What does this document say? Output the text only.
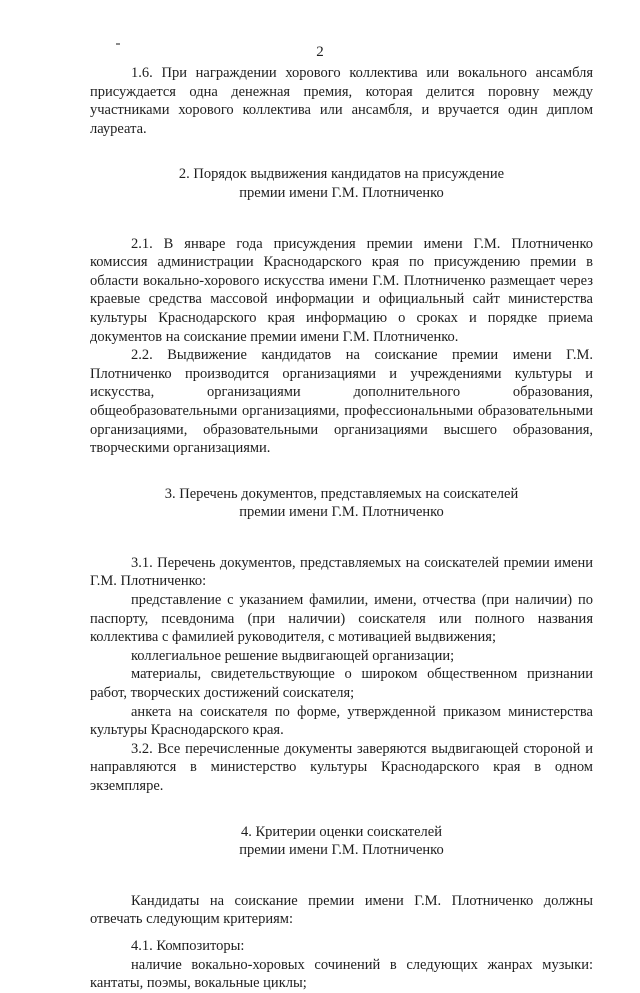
2

1.6. При награждении хорового коллектива или вокального ансамбля присуждается одна денежная премия, которая делится поровну между участниками хорового коллектива или ансамбля, и вручается один диплом лауреата.

2. Порядок выдвижения кандидатов на присуждение
премии имени Г.М. Плотниченко

2.1. В январе года присуждения премии имени Г.М. Плотниченко комиссия администрации Краснодарского края по присуждению премии в области вокально-хорового искусства имени Г.М. Плотниченко размещает через краевые средства массовой информации и официальный сайт министерства культуры Краснодарского края информацию о сроках и порядке приема документов на соискание премии имени Г.М. Плотниченко.

2.2. Выдвижение кандидатов на соискание премии имени Г.М. Плотниченко производится организациями и учреждениями культуры и искусства, организациями дополнительного образования, общеобразовательными организациями, профессиональными образовательными организациями, образовательными организациями высшего образования, творческими организациями.

3. Перечень документов, представляемых на соискателей
премии имени Г.М. Плотниченко

3.1. Перечень документов, представляемых на соискателей премии имени Г.М. Плотниченко:

представление с указанием фамилии, имени, отчества (при наличии) по паспорту, псевдонима (при наличии) соискателя или полного названия коллектива с фамилией руководителя, с мотивацией выдвижения;

коллегиальное решение выдвигающей организации;

материалы, свидетельствующие о широком общественном признании работ, творческих достижений соискателя;

анкета на соискателя по форме, утвержденной приказом министерства культуры Краснодарского края.

3.2. Все перечисленные документы заверяются выдвигающей стороной и направляются в министерство культуры Краснодарского края в одном экземпляре.

4. Критерии оценки соискателей
премии имени Г.М. Плотниченко

Кандидаты на соискание премии имени Г.М. Плотниченко должны отвечать следующим критериям:

4.1. Композиторы:

наличие вокально-хоровых сочинений в следующих жанрах музыки: кантаты, поэмы, вокальные циклы;
